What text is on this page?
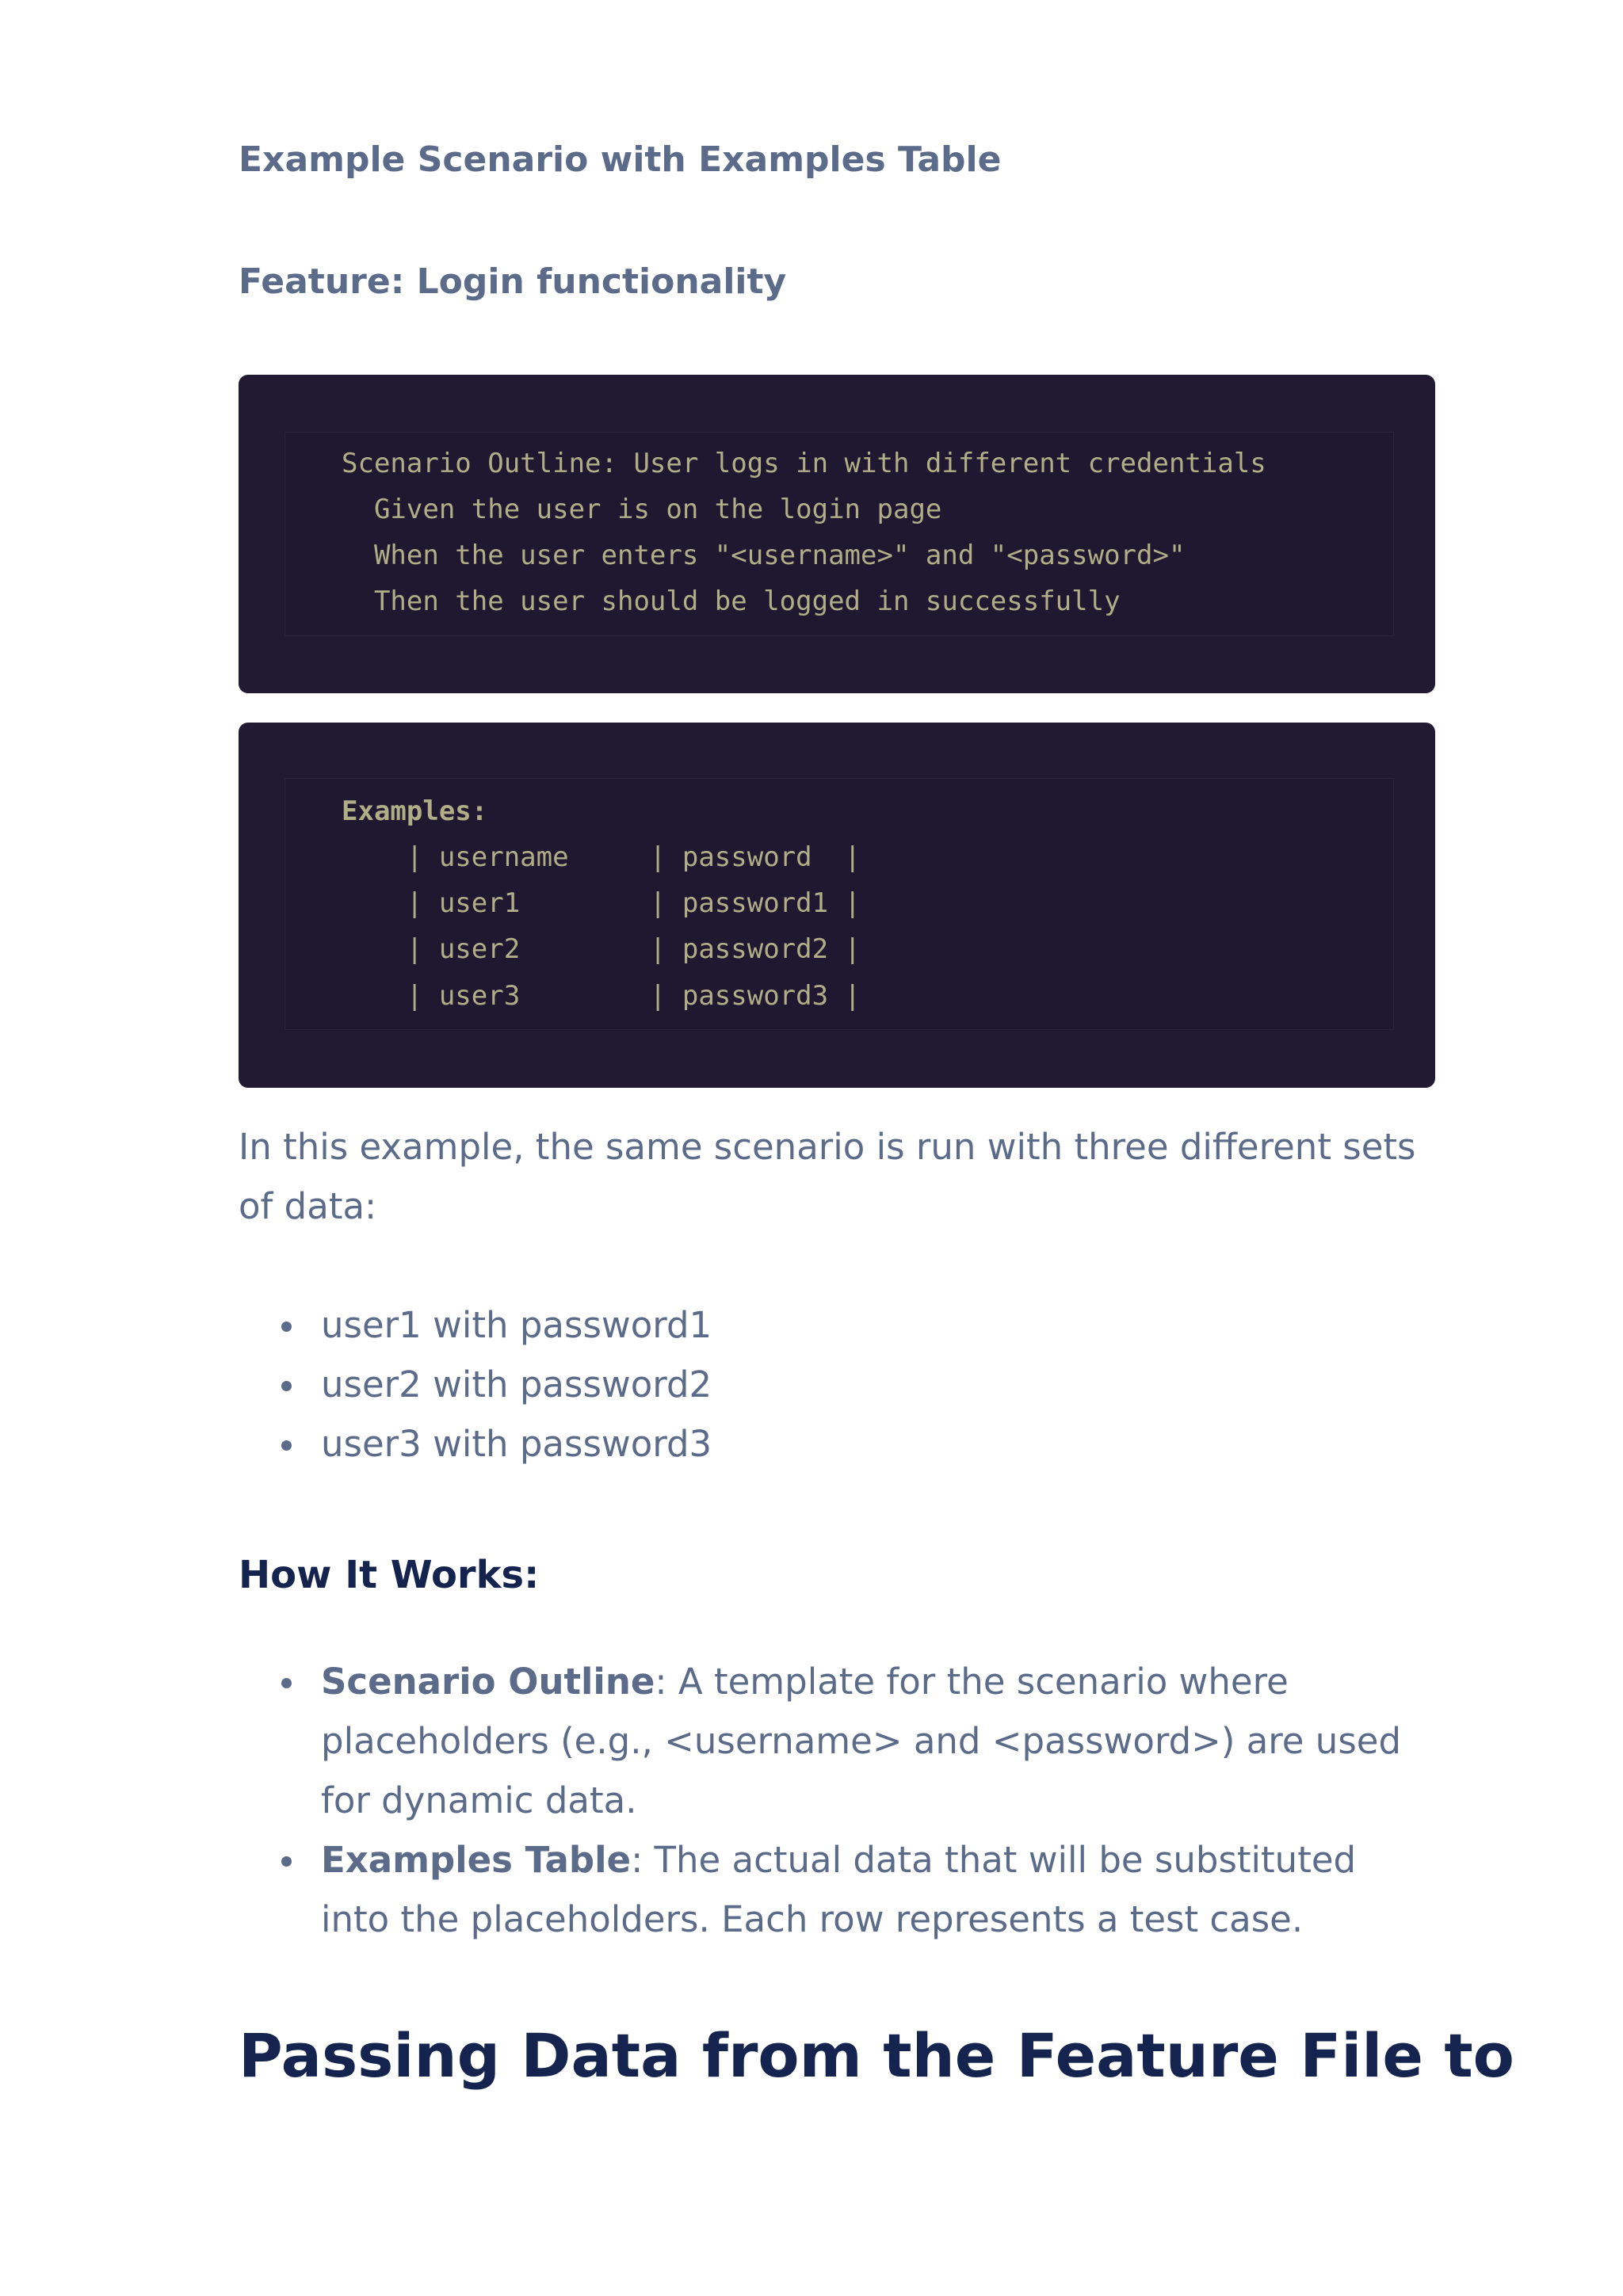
Example Scenario with Examples Table
Feature: Login functionality
Scenario Outline: User logs in with different credentials
Given the user is on the login page
When the user enters "<username>" and "<password>"
Then the user should be logged in successfully
Examples:
| username     | password  |
| user1        | password1 |
| user2        | password2 |
| user3        | password3 |

In this example, the same scenario is run with three different sets of data:

user1 with password1
user2 with password2
user3 with password3
How It Works:
Scenario Outline: A template for the scenario where placeholders (e.g., <username> and <password>) are used for dynamic data.
Examples Table: The actual data that will be substituted into the placeholders. Each row represents a test case.
Passing Data from the Feature File to
